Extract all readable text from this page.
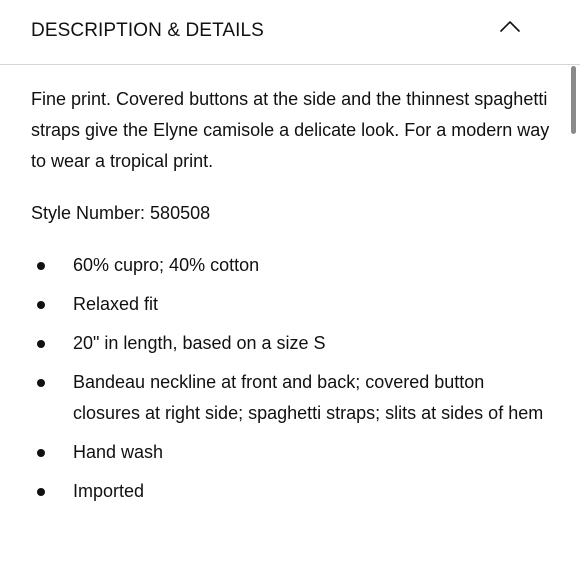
DESCRIPTION & DETAILS

Fine print. Covered buttons at the side and the thinnest spaghetti straps give the Elyne camisole a delicate look. For a modern way to wear a tropical print.

Style Number: 580508

60% cupro; 40% cotton
Relaxed fit
20" in length, based on a size S
Bandeau neckline at front and back; covered button closures at right side; spaghetti straps; slits at sides of hem
Hand wash
Imported
